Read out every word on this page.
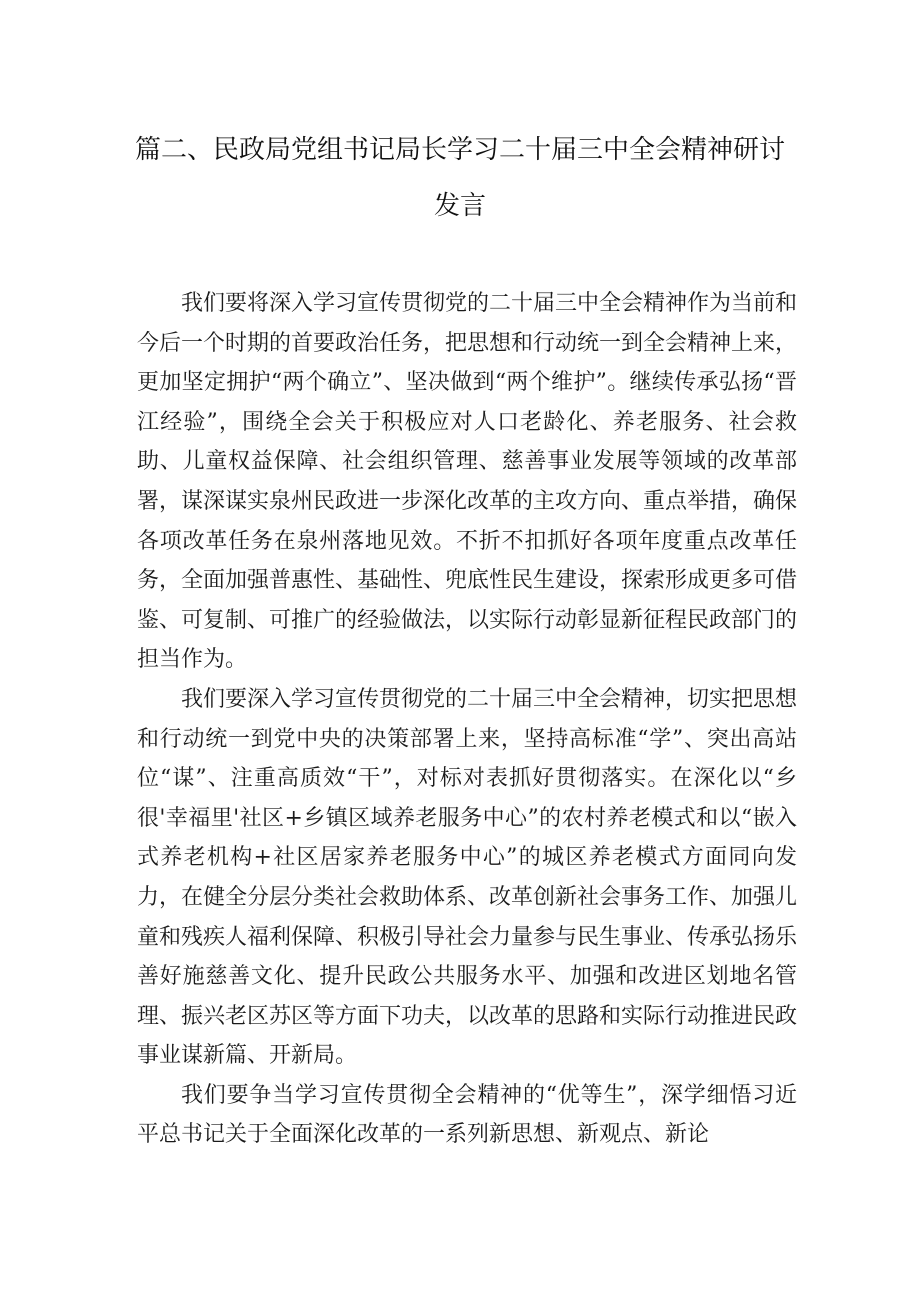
篇二、民政局党组书记局长学习二十届三中全会精神研讨
发言

我们要将深入学习宣传贯彻党的二十届三中全会精神作为当前和今后一个时期的首要政治任务，把思想和行动统一到全会精神上来，更加坚定拥护“两个确立”、坚决做到“两个维护”。继续传承弘扬“晋江经验”，围绕全会关于积极应对人口老龄化、养老服务、社会救助、儿童权益保障、社会组织管理、慈善事业发展等领域的改革部署，谋深谋实泉州民政进一步深化改革的主攻方向、重点举措，确保各项改革任务在泉州落地见效。不折不扣抓好各项年度重点改革任务，全面加强普惠性、基础性、兜底性民生建设，探索形成更多可借鉴、可复制、可推广的经验做法，以实际行动彰显新征程民政部门的担当作为。

我们要深入学习宣传贯彻党的二十届三中全会精神，切实把思想和行动统一到党中央的决策部署上来，坚持高标准“学”、突出高站位“谋”、注重高质效“干”，对标对表抓好贯彻落实。在深化以“乡很'幸福里'社区+乡镇区域养老服务中心”的农村养老模式和以“嵌入式养老机构+社区居家养老服务中心”的城区养老模式方面同向发力，在健全分层分类社会救助体系、改革创新社会事务工作、加强儿童和残疾人福利保障、积极引导社会力量参与民生事业、传承弘扬乐善好施慈善文化、提升民政公共服务水平、加强和改进区划地名管理、振兴老区苏区等方面下功夫，以改革的思路和实际行动推进民政事业谋新篇、开新局。

我们要争当学习宣传贯彻全会精神的“优等生”，深学细悟习近平总书记关于全面深化改革的一系列新思想、新观点、新论
